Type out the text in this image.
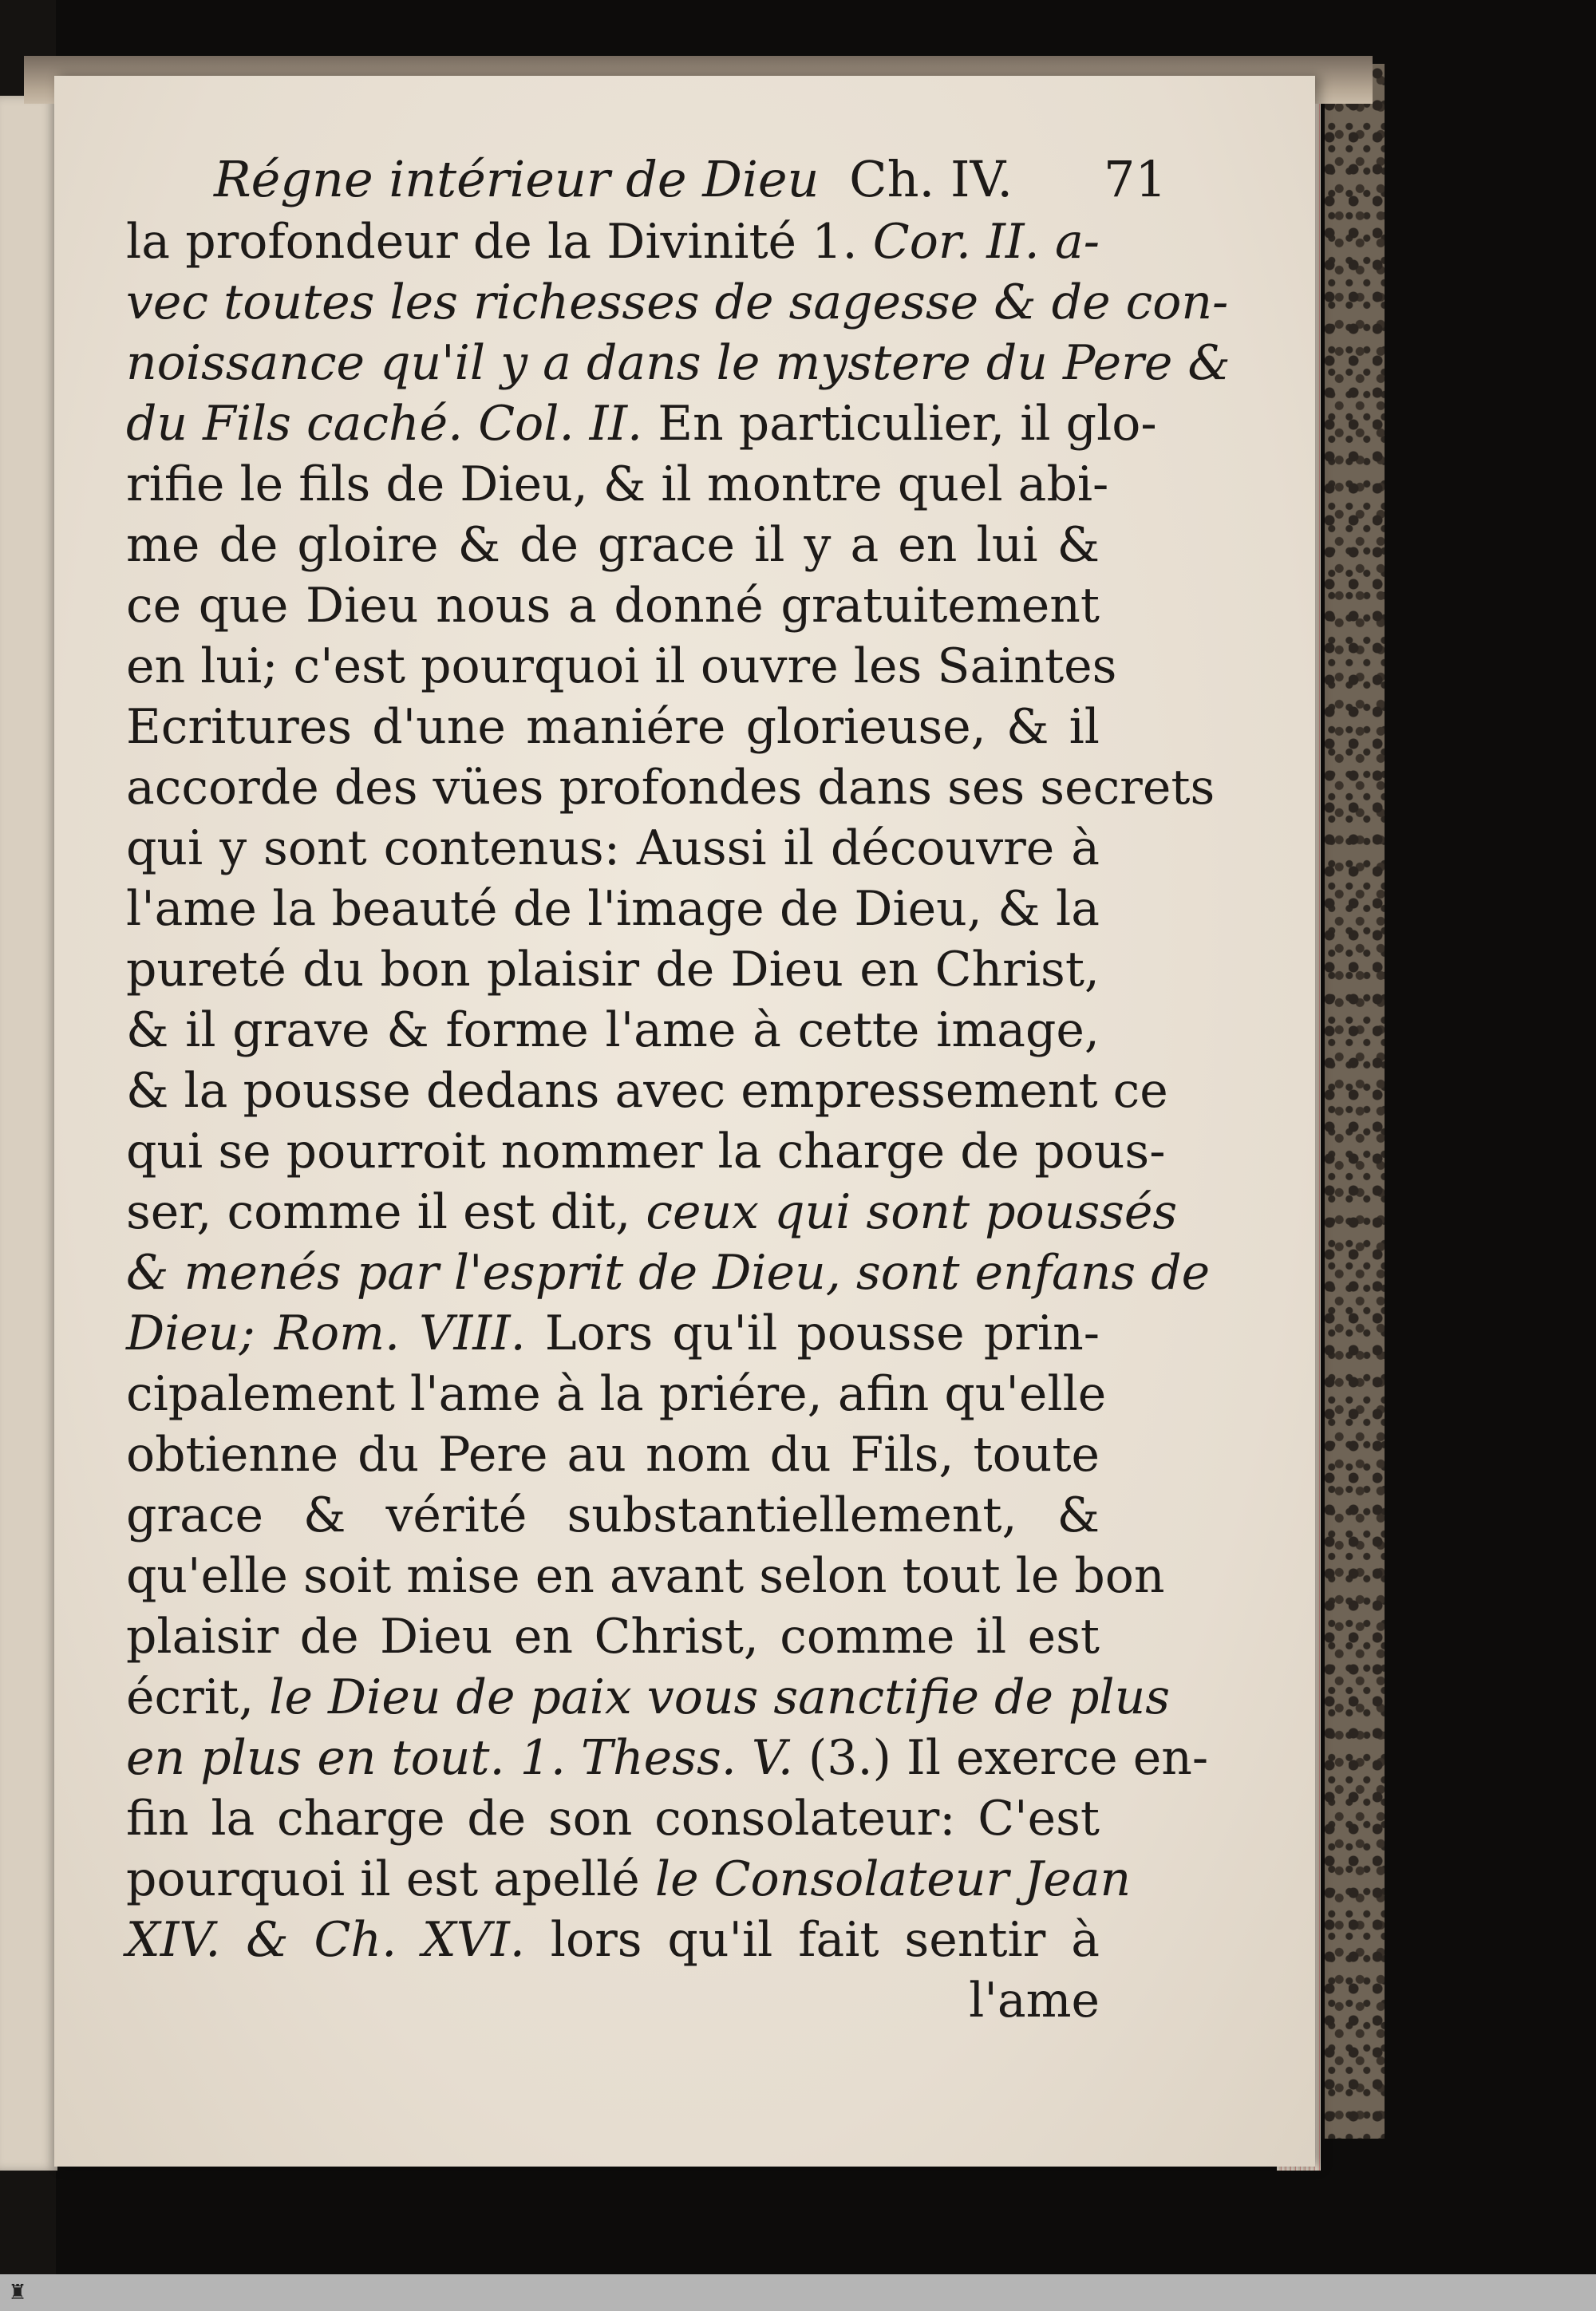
Régne intérieur de Dieu Ch. IV. 71
la profondeur de la Divinité 1. Cor. II. a-
vec toutes les richesses de sagesse & de con-
noissance qu'il y a dans le mystere du Pere &
du Fils caché. Col. II. En particulier, il glo-
rifie le fils de Dieu, & il montre quel abi-
me de gloire & de grace il y a en lui &
ce que Dieu nous a donné gratuitement
en lui; c'est pourquoi il ouvre les Saintes
Ecritures d'une maniére glorieuse, & il
accorde des vües profondes dans ses secrets
qui y sont contenus: Aussi il découvre à
l'ame la beauté de l'image de Dieu, & la
pureté du bon plaisir de Dieu en Christ,
& il grave & forme l'ame à cette image,
& la pousse dedans avec empressement ce
qui se pourroit nommer la charge de pous-
ser, comme il est dit, ceux qui sont poussés
& menés par l'esprit de Dieu, sont enfans de
Dieu; Rom. VIII. Lors qu'il pousse prin-
cipalement l'ame à la priére, afin qu'elle
obtienne du Pere au nom du Fils, toute
grace & vérité substantiellement, &
qu'elle soit mise en avant selon tout le bon
plaisir de Dieu en Christ, comme il est
écrit, le Dieu de paix vous sanctifie de plus
en plus en tout. 1. Thess. V. (3.) Il exerce en-
fin la charge de son consolateur: C'est
pourquoi il est apellé le Consolateur Jean
XIV. & Ch. XVI. lors qu'il fait sentir à
l'ame
♜
